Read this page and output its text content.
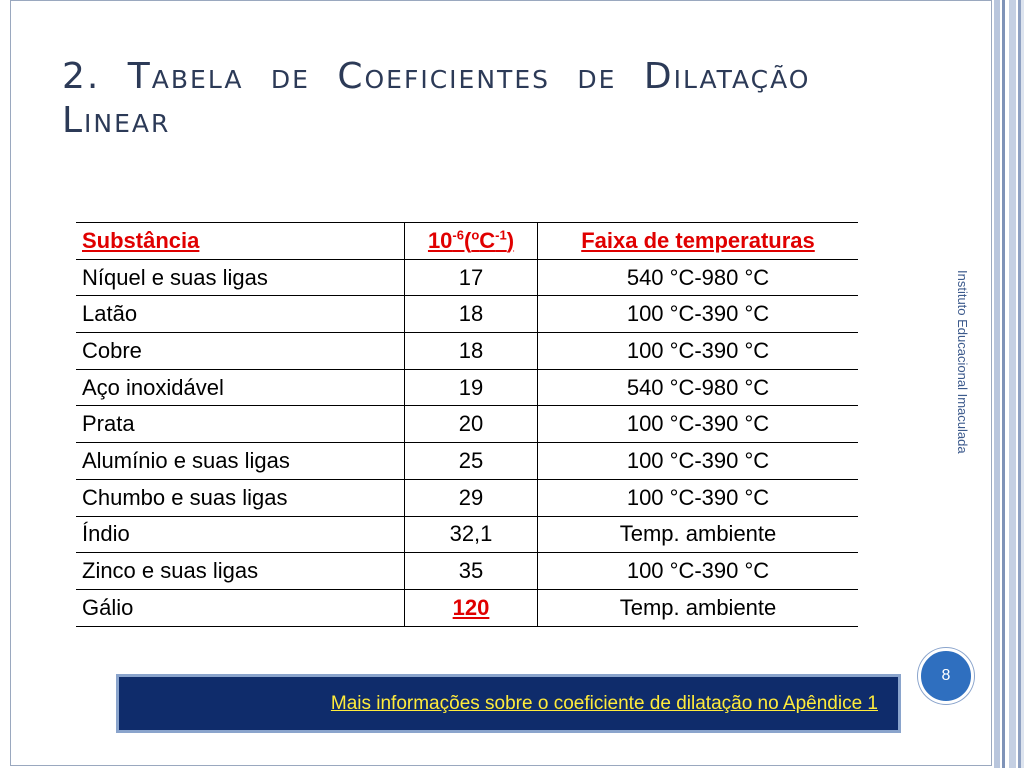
2. Tabela de Coeficientes de Dilatação Linear
Instituto Educacional Imaculada
Substância	$10^{-6}(^oC^{-1})$	Faixa de temperaturas
Níquel e suas ligas	17	540 °C-980 °C
Latão	18	100 °C-390 °C
Cobre	18	100 °C-390 °C
Aço inoxidável	19	540 °C-980 °C
Prata	20	100 °C-390 °C
Alumínio e suas ligas	25	100 °C-390 °C
Chumbo e suas ligas	29	100 °C-390 °C
Índio	32,1	Temp. ambiente
Zinco e suas ligas	35	100 °C-390 °C
Gálio	120	Temp. ambiente
8
Mais informações sobre o coeficiente de dilatação no Apêndice 1
